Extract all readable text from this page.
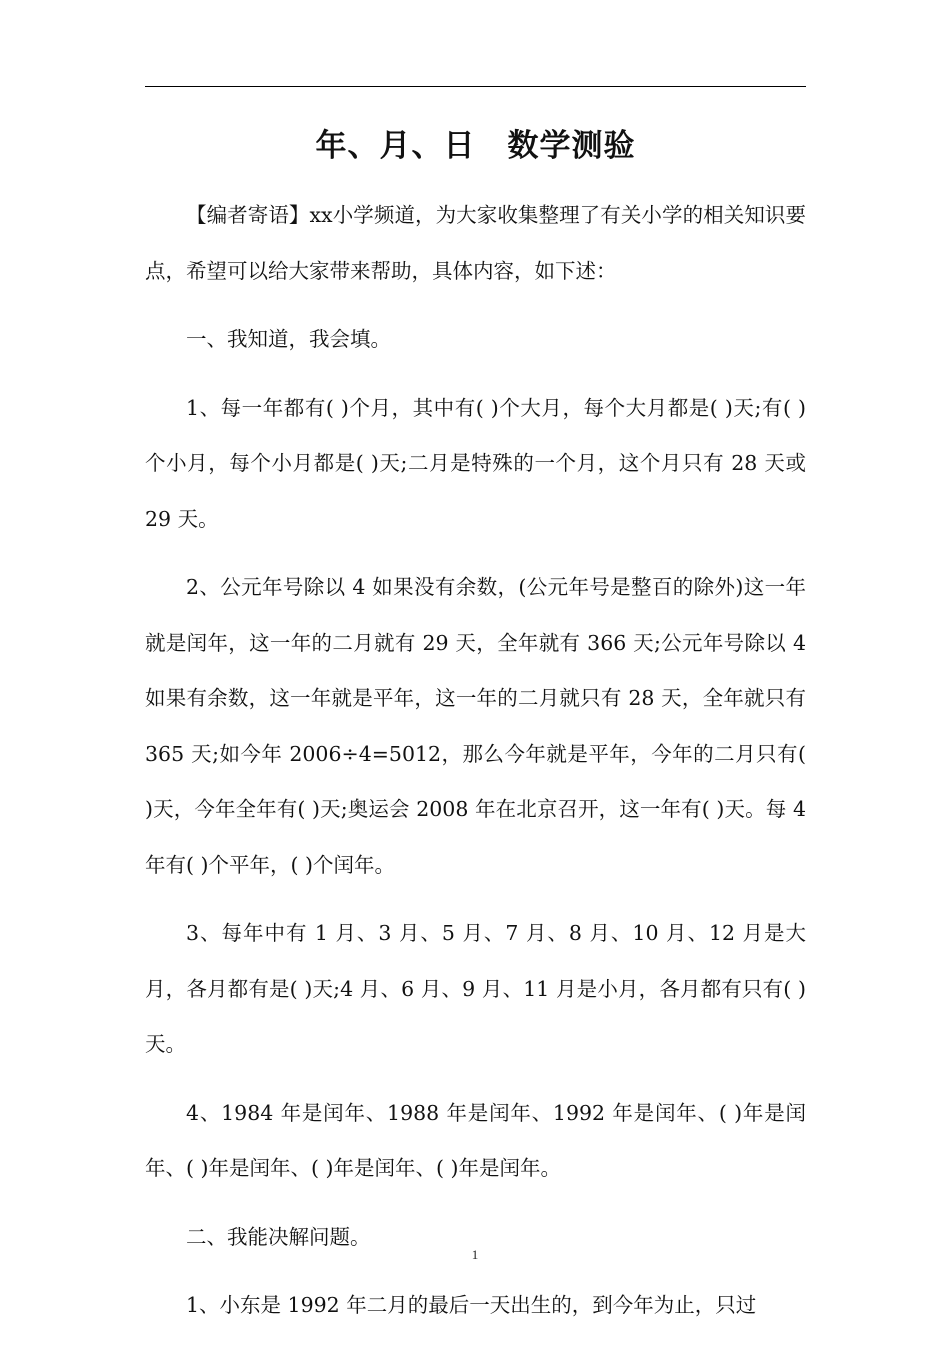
年、月、日　数学测验

【编者寄语】xx小学频道，为大家收集整理了有关小学的相关知识要点，希望可以给大家带来帮助，具体内容，如下述：

一、我知道，我会填。

1、每一年都有( )个月，其中有( )个大月，每个大月都是( )天;有( )个小月，每个小月都是( )天;二月是特殊的一个月，这个月只有 28 天或 29 天。

2、公元年号除以 4 如果没有余数，(公元年号是整百的除外)这一年就是闰年，这一年的二月就有 29 天，全年就有 366 天;公元年号除以 4 如果有余数，这一年就是平年，这一年的二月就只有 28 天，全年就只有 365 天;如今年 2006÷4=5012，那么今年就是平年，今年的二月只有( )天，今年全年有( )天;奥运会 2008 年在北京召开，这一年有( )天。每 4 年有( )个平年，( )个闰年。

3、每年中有 1 月、3 月、5 月、7 月、8 月、10 月、12 月是大月，各月都有是( )天;4 月、6 月、9 月、11 月是小月，各月都有只有( )天。

4、1984 年是闰年、1988 年是闰年、1992 年是闰年、( )年是闰年、( )年是闰年、( )年是闰年、( )年是闰年。

二、我能决解问题。

1、小东是 1992 年二月的最后一天出生的，到今年为止，只过

1
